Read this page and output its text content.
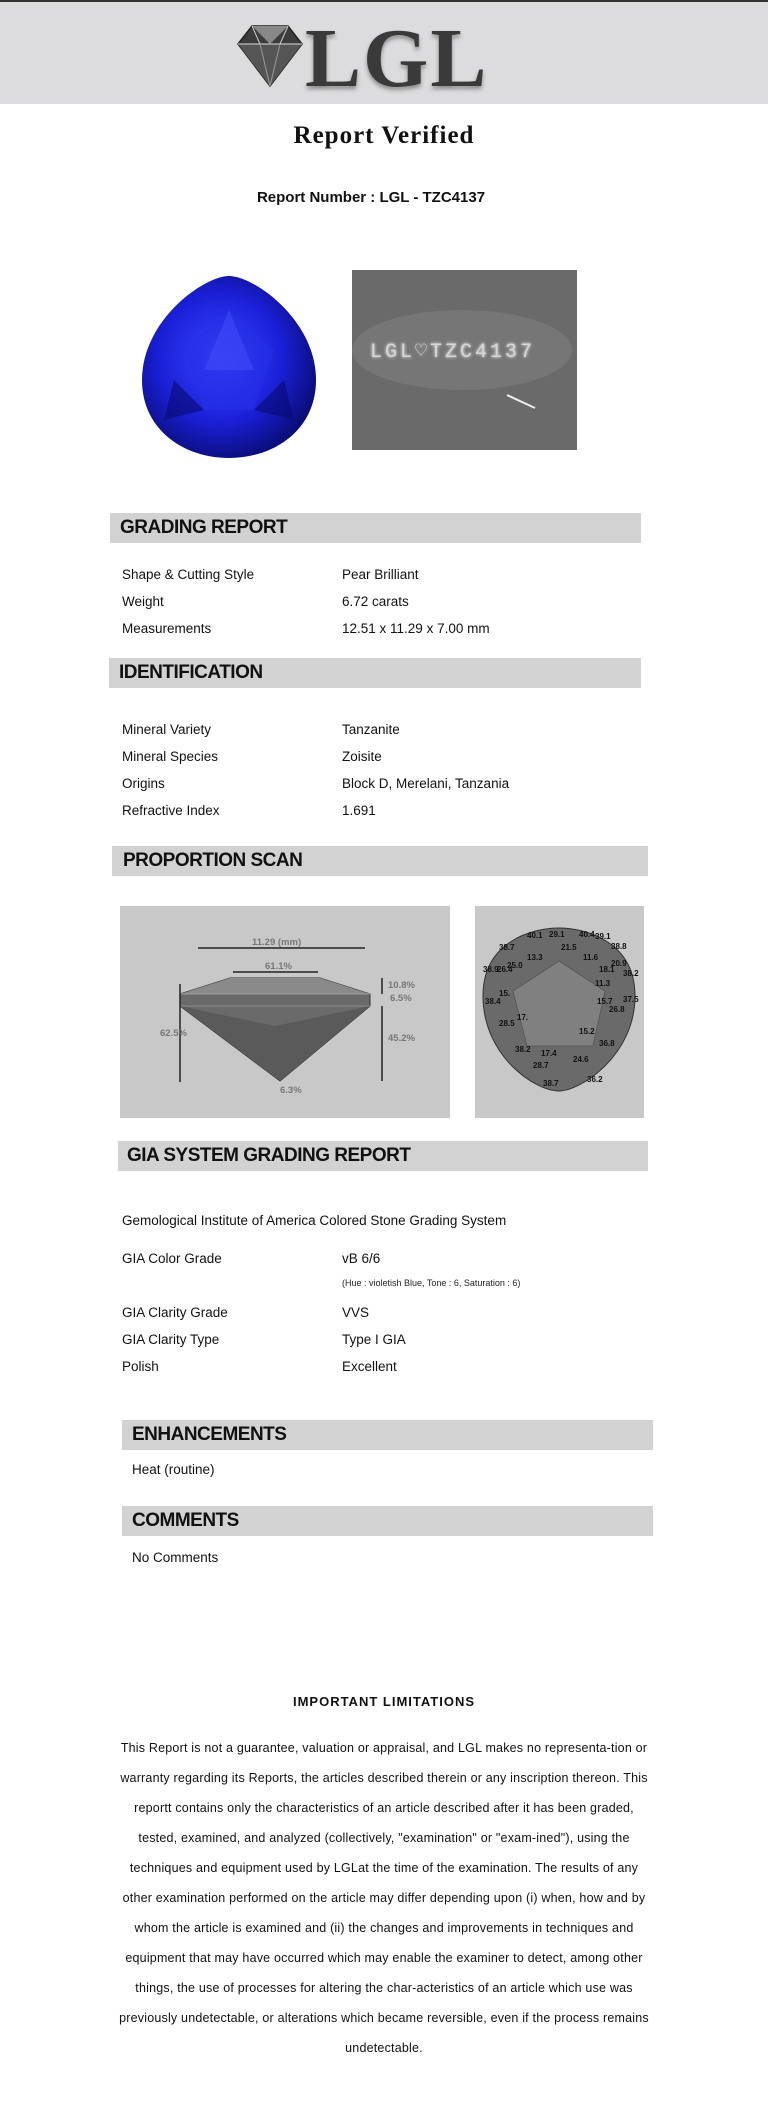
LGL
Report Verified
Report Number : LGL - TZC4137
LGL♡TZC4137
GRADING REPORT
Shape & Cutting Style	Pear Brilliant
Weight	6.72 carats
Measurements	12.51 x 11.29 x 7.00 mm
IDENTIFICATION
Mineral Variety	Tanzanite
Mineral Species	Zoisite
Origins	Block D, Merelani, Tanzania
Refractive Index	1.691
PROPORTION SCAN
11.29 (mm)
61.1%
62.5%
10.8%
6.5%
45.2%
6.3%
40.1 29.1 40.4 39.1
38.7	21.5	38.8
13.3	11.6
38.9 25.0	20.9
26.4	18.1 38.2
11.3
15.
15.7 37.5
38.4
26.8
17.
28.5
15.2
38.2
36.8
17.4
24.6
28.7
36.2
38.7
GIA SYSTEM GRADING REPORT
Gemological Institute of America Colored Stone Grading System
GIA Color Grade	vB 6/6
(Hue : violetish Blue, Tone : 6, Saturation : 6)
GIA Clarity Grade	VVS
GIA Clarity Type	Type I GIA
Polish	Excellent
ENHANCEMENTS
Heat (routine)
COMMENTS
No Comments
IMPORTANT LIMITATIONS
This Report is not a guarantee, valuation or appraisal, and LGL makes no representa-tion or warranty regarding its Reports, the articles described therein or any inscription thereon. This reportt contains only the characteristics of an article described after it has been graded, tested, examined, and analyzed (collectively, "examination" or "exam-ined"), using the techniques and equipment used by LGLat the time of the examination. The results of any other examination performed on the article may differ depending upon (i) when, how and by whom the article is examined and (ii) the changes and improvements in techniques and equipment that may have occurred which may enable the examiner to detect, among other things, the use of processes for altering the char-acteristics of an article which use was previously undetectable, or alterations which became reversible, even if the process remains undetectable.
